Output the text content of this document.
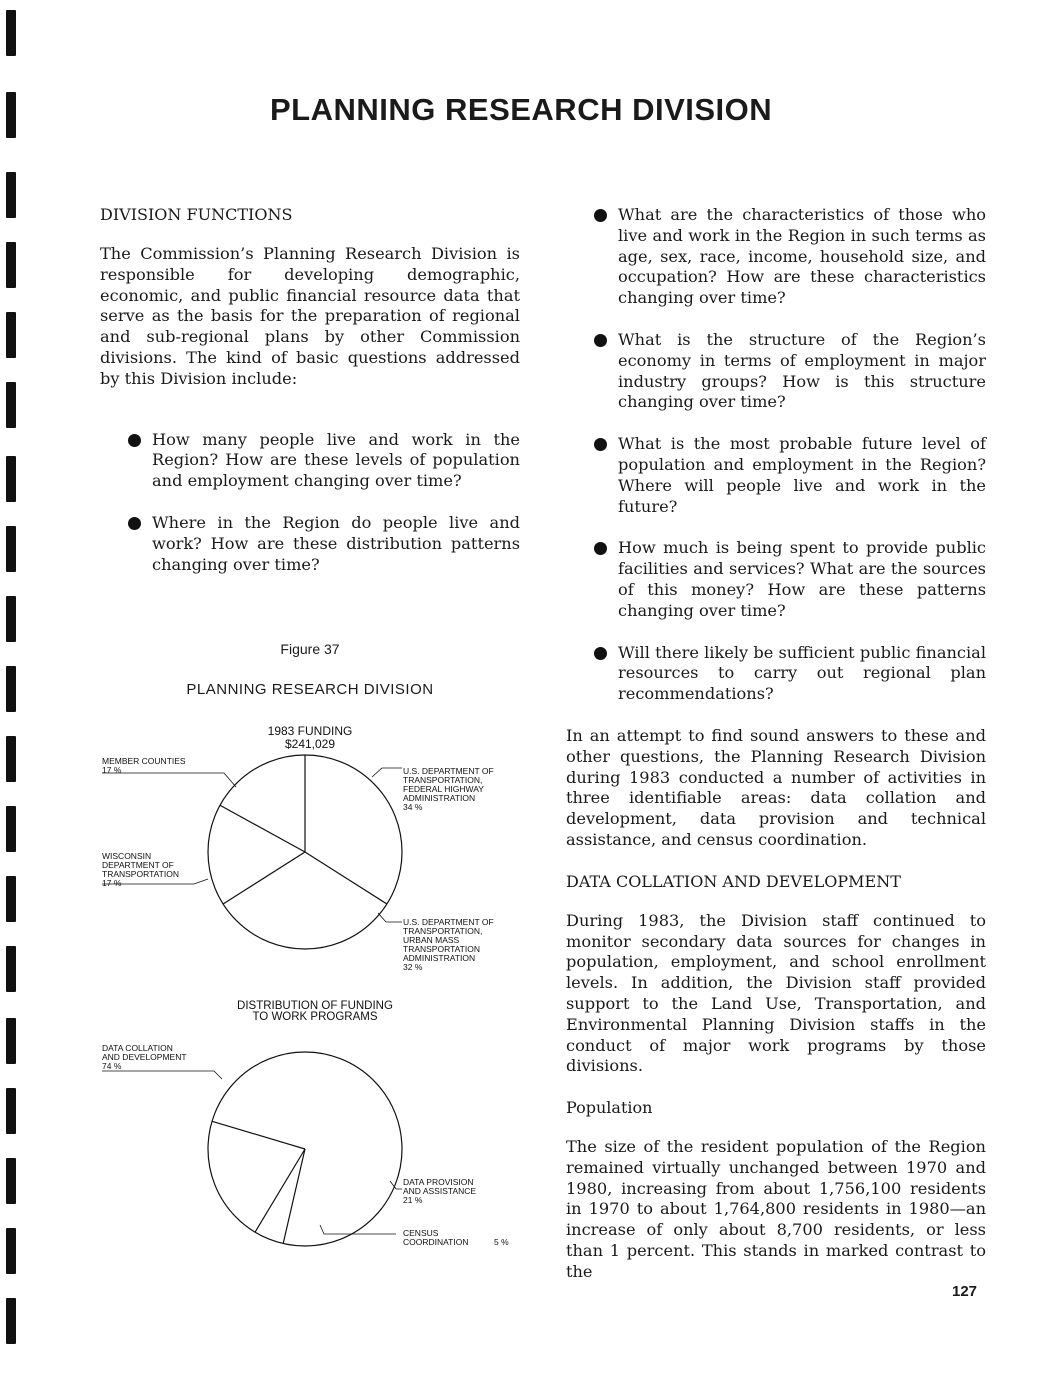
PLANNING RESEARCH DIVISION
DIVISION FUNCTIONS

The Commission’s Planning Research Division is responsible for developing demographic, economic, and public financial resource data that serve as the basis for the preparation of regional and sub-regional plans by other Commission divisions. The kind of basic questions addressed by this Division include:

How many people live and work in the Region? How are these levels of population and employment changing over time?
Where in the Region do people live and work? How are these distribution patterns changing over time?
Figure 37
PLANNING RESEARCH DIVISION
1983 FUNDING
$241,029
U.S. DEPARTMENT OF
TRANSPORTATION,
FEDERAL HIGHWAY
ADMINISTRATION
34 %
U.S. DEPARTMENT OF
TRANSPORTATION,
URBAN MASS
TRANSPORTATION
ADMINISTRATION
32 %
WISCONSIN
DEPARTMENT OF
TRANSPORTATION
17 %
MEMBER COUNTIES
17 %
DISTRIBUTION OF FUNDING
TO WORK PROGRAMS
DATA COLLATION
AND DEVELOPMENT
74 %
DATA PROVISION
AND ASSISTANCE
21 %
CENSUS
COORDINATION	5 %
What are the characteristics of those who live and work in the Region in such terms as age, sex, race, income, household size, and occupation? How are these characteristics changing over time?
What is the structure of the Region’s economy in terms of employment in major industry groups? How is this structure changing over time?
What is the most probable future level of population and employment in the Region? Where will people live and work in the future?
How much is being spent to provide public facilities and services? What are the sources of this money? How are these patterns changing over time?
Will there likely be sufficient public financial resources to carry out regional plan recommendations?

In an attempt to find sound answers to these and other questions, the Planning Research Division during 1983 conducted a number of activities in three identifiable areas: data collation and development, data provision and technical assistance, and census coordination.

DATA COLLATION AND DEVELOPMENT

During 1983, the Division staff continued to monitor secondary data sources for changes in population, employment, and school enrollment levels. In addition, the Division staff provided support to the Land Use, Transportation, and Environmental Planning Division staffs in the conduct of major work programs by those divisions.

Population

The size of the resident population of the Region remained virtually unchanged between 1970 and 1980, increasing from about 1,756,100 residents in 1970 to about 1,764,800 residents in 1980—an increase of only about 8,700 residents, or less than 1 percent. This stands in marked contrast to the

127
